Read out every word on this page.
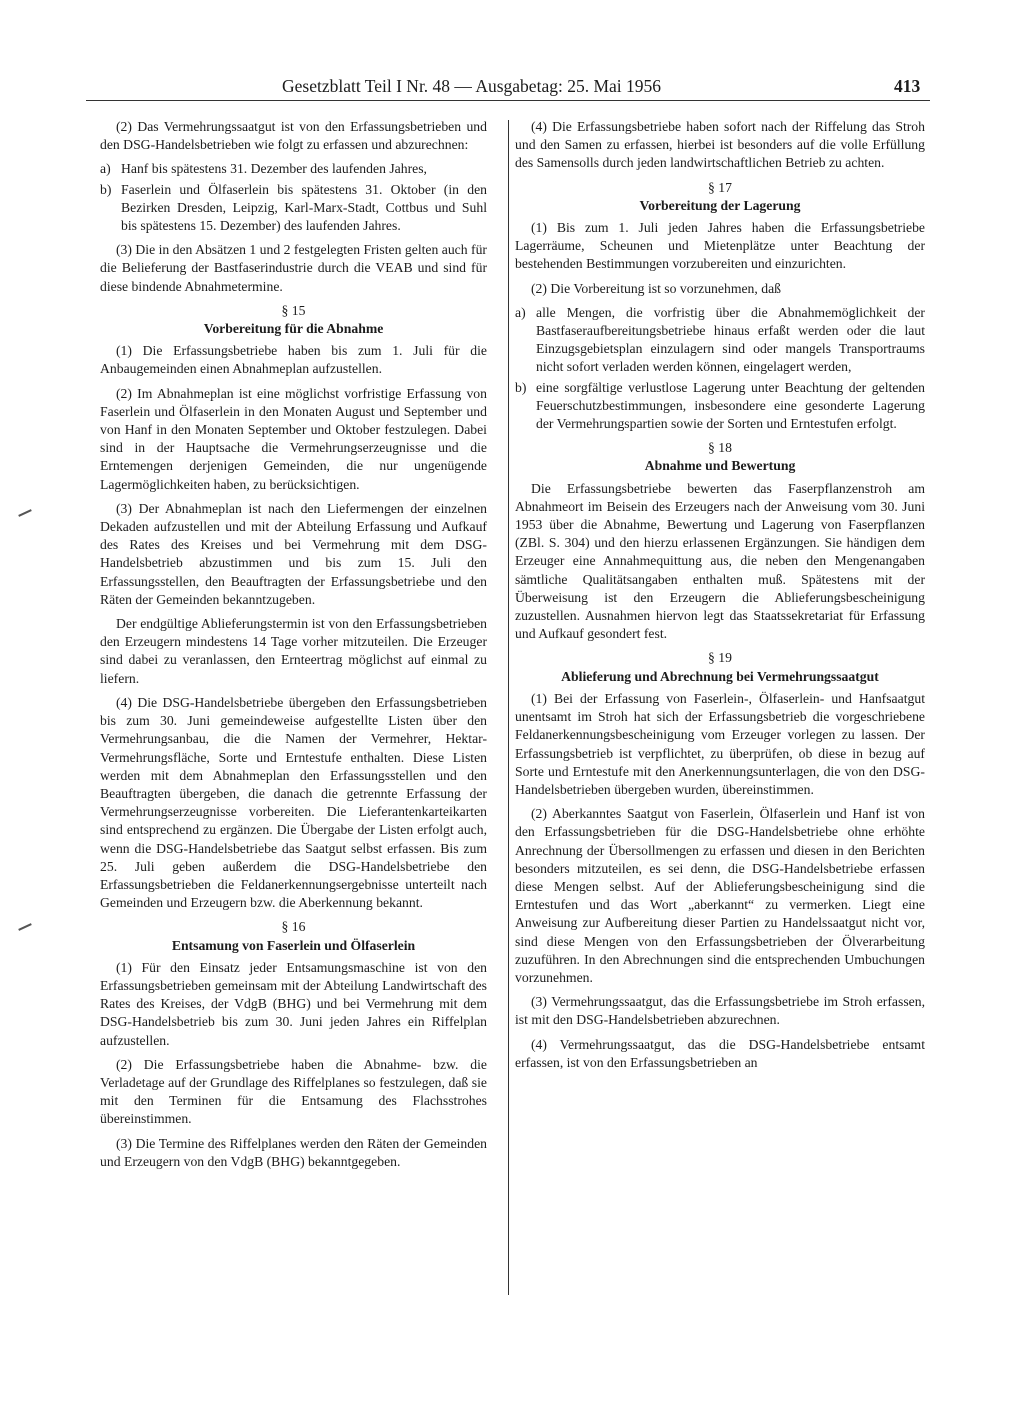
Gesetzblatt Teil I Nr. 48 — Ausgabetag: 25. Mai 1956	413

(2) Das Vermehrungssaatgut ist von den Erfassungsbetrieben und den DSG-Handelsbetrieben wie folgt zu erfassen und abzurechnen:

a) Hanf bis spätestens 31. Dezember des laufenden Jahres,
b) Faserlein und Ölfaserlein bis spätestens 31. Oktober (in den Bezirken Dresden, Leipzig, Karl-Marx-Stadt, Cottbus und Suhl bis spätestens 15. Dezember) des laufenden Jahres.

(3) Die in den Absätzen 1 und 2 festgelegten Fristen gelten auch für die Belieferung der Bastfaserindustrie durch die VEAB und sind für diese bindende Abnahmetermine.

§ 15
Vorbereitung für die Abnahme

(1) Die Erfassungsbetriebe haben bis zum 1. Juli für die Anbaugemeinden einen Abnahmeplan aufzustellen.

(2) Im Abnahmeplan ist eine möglichst vorfristige Erfassung von Faserlein und Ölfaserlein in den Monaten August und September und von Hanf in den Monaten September und Oktober festzulegen. Dabei sind in der Hauptsache die Vermehrungserzeugnisse und die Erntemengen derjenigen Gemeinden, die nur ungenügende Lagermöglichkeiten haben, zu berücksichtigen.

(3) Der Abnahmeplan ist nach den Liefermengen der einzelnen Dekaden aufzustellen und mit der Abteilung Erfassung und Aufkauf des Rates des Kreises und bei Vermehrung mit dem DSG-Handelsbetrieb abzustimmen und bis zum 15. Juli den Erfassungsstellen, den Beauftragten der Erfassungsbetriebe und den Räten der Gemeinden bekanntzugeben.

Der endgültige Ablieferungstermin ist von den Erfassungsbetrieben den Erzeugern mindestens 14 Tage vorher mitzuteilen. Die Erzeuger sind dabei zu veranlassen, den Ernteertrag möglichst auf einmal zu liefern.

(4) Die DSG-Handelsbetriebe übergeben den Erfassungsbetrieben bis zum 30. Juni gemeindeweise aufgestellte Listen über den Vermehrungsanbau, die die Namen der Vermehrer, Hektar-Vermehrungsfläche, Sorte und Erntestufe enthalten. Diese Listen werden mit dem Abnahmeplan den Erfassungsstellen und den Beauftragten übergeben, die danach die getrennte Erfassung der Vermehrungserzeugnisse vorbereiten. Die Lieferantenkarteikarten sind entsprechend zu ergänzen. Die Übergabe der Listen erfolgt auch, wenn die DSG-Handelsbetriebe das Saatgut selbst erfassen. Bis zum 25. Juli geben außerdem die DSG-Handelsbetriebe den Erfassungsbetrieben die Feldanerkennungsergebnisse unterteilt nach Gemeinden und Erzeugern bzw. die Aberkennung bekannt.

§ 16
Entsamung von Faserlein und Ölfaserlein

(1) Für den Einsatz jeder Entsamungsmaschine ist von den Erfassungsbetrieben gemeinsam mit der Abteilung Landwirtschaft des Rates des Kreises, der VdgB (BHG) und bei Vermehrung mit dem DSG-Handelsbetrieb bis zum 30. Juni jeden Jahres ein Riffelplan aufzustellen.

(2) Die Erfassungsbetriebe haben die Abnahme- bzw. die Verladetage auf der Grundlage des Riffelplanes so festzulegen, daß sie mit den Terminen für die Entsamung des Flachsstrohes übereinstimmen.

(3) Die Termine des Riffelplanes werden den Räten der Gemeinden und Erzeugern von den VdgB (BHG) bekanntgegeben.

(4) Die Erfassungsbetriebe haben sofort nach der Riffelung das Stroh und den Samen zu erfassen, hierbei ist besonders auf die volle Erfüllung des Samensolls durch jeden landwirtschaftlichen Betrieb zu achten.

§ 17
Vorbereitung der Lagerung

(1) Bis zum 1. Juli jeden Jahres haben die Erfassungsbetriebe Lagerräume, Scheunen und Mietenplätze unter Beachtung der bestehenden Bestimmungen vorzubereiten und einzurichten.

(2) Die Vorbereitung ist so vorzunehmen, daß

a) alle Mengen, die vorfristig über die Abnahmemöglichkeit der Bastfaseraufbereitungsbetriebe hinaus erfaßt werden oder die laut Einzugsgebietsplan einzulagern sind oder mangels Transportraums nicht sofort verladen werden können, eingelagert werden,
b) eine sorgfältige verlustlose Lagerung unter Beachtung der geltenden Feuerschutzbestimmungen, insbesondere eine gesonderte Lagerung der Vermehrungspartien sowie der Sorten und Erntestufen erfolgt.
§ 18
Abnahme und Bewertung

Die Erfassungsbetriebe bewerten das Faserpflanzenstroh am Abnahmeort im Beisein des Erzeugers nach der Anweisung vom 30. Juni 1953 über die Abnahme, Bewertung und Lagerung von Faserpflanzen (ZBl. S. 304) und den hierzu erlassenen Ergänzungen. Sie händigen dem Erzeuger eine Annahmequittung aus, die neben den Mengenangaben sämtliche Qualitätsangaben enthalten muß. Spätestens mit der Überweisung ist den Erzeugern die Ablieferungsbescheinigung zuzustellen. Ausnahmen hiervon legt das Staatssekretariat für Erfassung und Aufkauf gesondert fest.

§ 19
Ablieferung und Abrechnung bei Vermehrungssaatgut

(1) Bei der Erfassung von Faserlein-, Ölfaserlein- und Hanfsaatgut unentsamt im Stroh hat sich der Erfassungsbetrieb die vorgeschriebene Feldanerkennungsbescheinigung vom Erzeuger vorlegen zu lassen. Der Erfassungsbetrieb ist verpflichtet, zu überprüfen, ob diese in bezug auf Sorte und Erntestufe mit den Anerkennungsunterlagen, die von den DSG-Handelsbetrieben übergeben wurden, übereinstimmen.

(2) Aberkanntes Saatgut von Faserlein, Ölfaserlein und Hanf ist von den Erfassungsbetrieben für die DSG-Handelsbetriebe ohne erhöhte Anrechnung der Übersollmengen zu erfassen und diesen in den Berichten besonders mitzuteilen, es sei denn, die DSG-Handelsbetriebe erfassen diese Mengen selbst. Auf der Ablieferungsbescheinigung sind die Erntestufen und das Wort „aberkannt“ zu vermerken. Liegt eine Anweisung zur Aufbereitung dieser Partien zu Handelssaatgut nicht vor, sind diese Mengen von den Erfassungsbetrieben der Ölverarbeitung zuzuführen. In den Abrechnungen sind die entsprechenden Umbuchungen vorzunehmen.

(3) Vermehrungssaatgut, das die Erfassungsbetriebe im Stroh erfassen, ist mit den DSG-Handelsbetrieben abzurechnen.

(4) Vermehrungssaatgut, das die DSG-Handelsbetriebe entsamt erfassen, ist von den Erfassungsbetrieben an
